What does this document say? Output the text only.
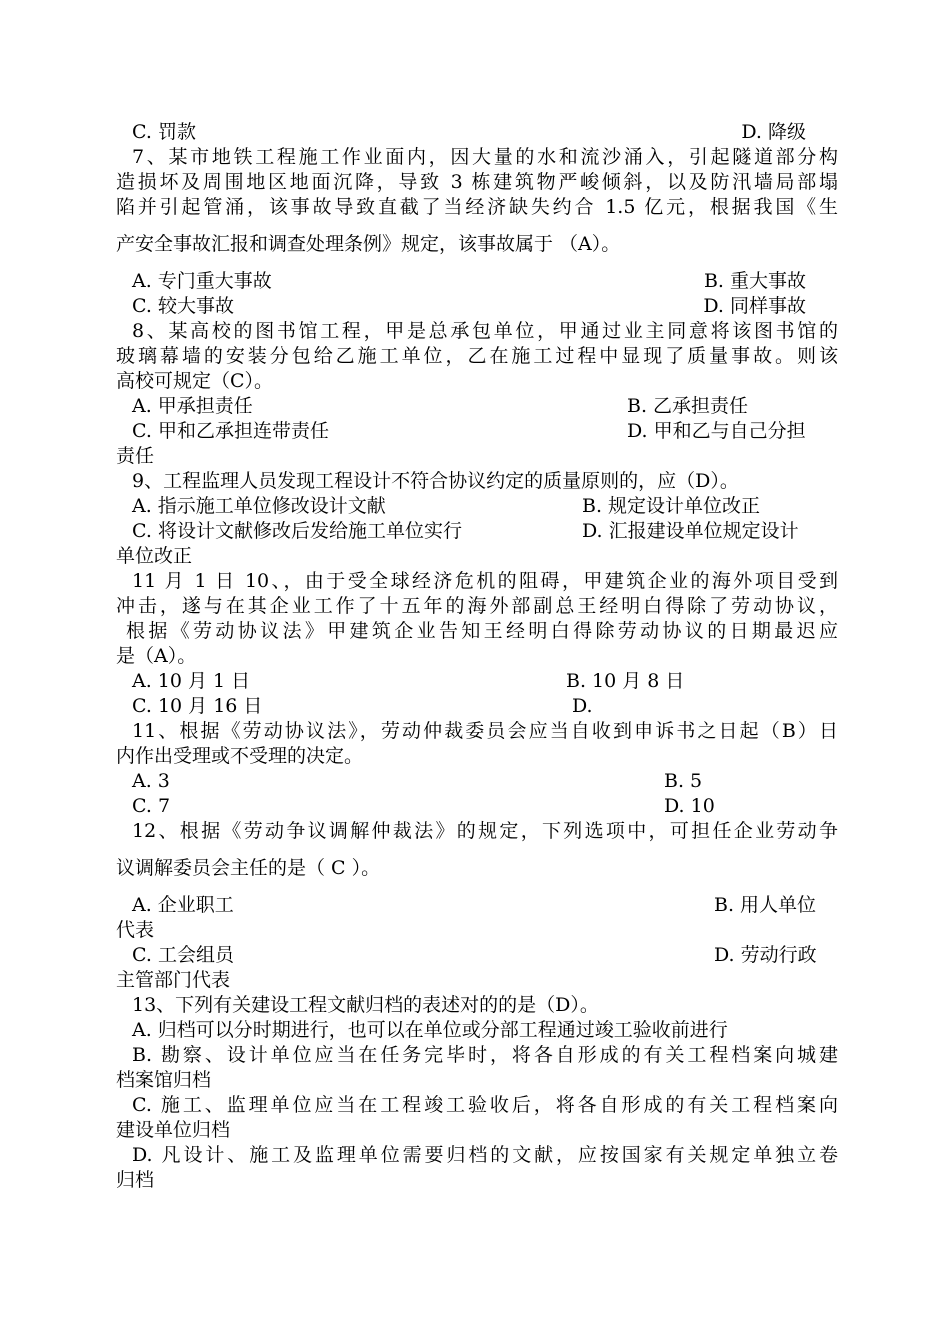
C. 罚款	D. 降级
7、某市地铁工程施工作业面内，因大量的水和流沙涌入，引起隧道部分构
造损坏及周围地区地面沉降，导致 3 栋建筑物严峻倾斜，以及防汛墙局部塌
陷并引起管涌，该事故导致直截了当经济缺失约合 1.5 亿元，根据我国《生
产安全事故汇报和调查处理条例》规定，该事故属于 （A）。
A. 专门重大事故	B. 重大事故
C. 较大事故	D. 同样事故
8、某高校的图书馆工程，甲是总承包单位，甲通过业主同意将该图书馆的
玻璃幕墙的安装分包给乙施工单位，乙在施工过程中显现了质量事故。则该
高校可规定（C）。
A. 甲承担责任	B. 乙承担责任
C. 甲和乙承担连带责任	D. 甲和乙与自己分担
责任
9、工程监理人员发现工程设计不符合协议约定的质量原则的，应（D）。
A. 指示施工单位修改设计文献	B. 规定设计单位改正
C. 将设计文献修改后发给施工单位实行	D. 汇报建设单位规定设计
单位改正
11 月 1 日 10、，由于受全球经济危机的阻碍，甲建筑企业的海外项目受到
冲击，遂与在其企业工作了十五年的海外部副总王经明白得除了劳动协议，
根据《劳动协议法》甲建筑企业告知王经明白得除劳动协议的日期最迟应
是（A）。
A. 10 月 1 日	B. 10 月 8 日
C. 10 月 16 日	D.
11、根据《劳动协议法》，劳动仲裁委员会应当自收到申诉书之日起（B）日
内作出受理或不受理的决定。
A. 3	B. 5
C. 7	D. 10
12、根据《劳动争议调解仲裁法》的规定，下列选项中，可担任企业劳动争
议调解委员会主任的是（ C ）。
A. 企业职工	B. 用人单位
代表
C. 工会组员	D. 劳动行政
主管部门代表
13、下列有关建设工程文献归档的表述对的的是（D）。
A. 归档可以分时期进行，也可以在单位或分部工程通过竣工验收前进行
B. 勘察、设计单位应当在任务完毕时，将各自形成的有关工程档案向城建
档案馆归档
C. 施工、监理单位应当在工程竣工验收后，将各自形成的有关工程档案向
建设单位归档
D. 凡设计、施工及监理单位需要归档的文献，应按国家有关规定单独立卷
归档
